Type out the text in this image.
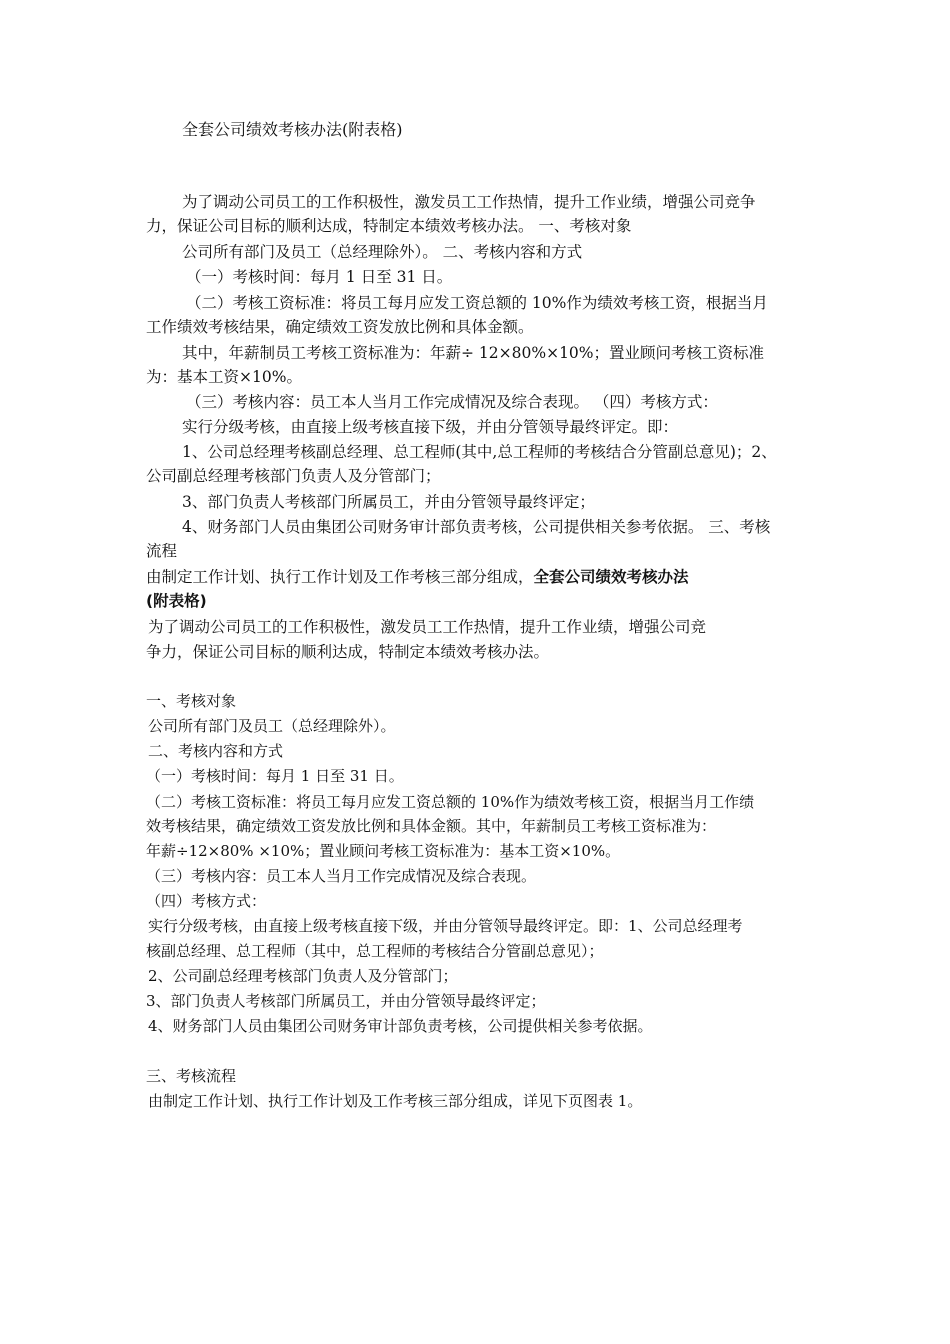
全套公司绩效考核办法(附表格)
为了调动公司员工的工作积极性，激发员工工作热情，提升工作业绩，增强公司竞争
力，保证公司目标的顺利达成，特制定本绩效考核办法。 一、考核对象
公司所有部门及员工（总经理除外）。 二、考核内容和方式
（一）考核时间：每月 1 日至 31 日。
（二）考核工资标准：将员工每月应发工资总额的 10%作为绩效考核工资，根据当月
工作绩效考核结果，确定绩效工资发放比例和具体金额。
其中，年薪制员工考核工资标准为：年薪÷ 12×80%×10%；置业顾问考核工资标准
为：基本工资×10%。
（三）考核内容：员工本人当月工作完成情况及综合表现。 （四）考核方式：
实行分级考核，由直接上级考核直接下级，并由分管领导最终评定。即：
1、公司总经理考核副总经理、总工程师(其中,总工程师的考核结合分管副总意见)；2、
公司副总经理考核部门负责人及分管部门；
3、部门负责人考核部门所属员工，并由分管领导最终评定；
4、财务部门人员由集团公司财务审计部负责考核，公司提供相关参考依据。 三、考核
流程
由制定工作计划、执行工作计划及工作考核三部分组成，全套公司绩效考核办法
(附表格)
为了调动公司员工的工作积极性，激发员工工作热情，提升工作业绩，增强公司竞
争力，保证公司目标的顺利达成，特制定本绩效考核办法。
一、考核对象
公司所有部门及员工（总经理除外）。
二、考核内容和方式
（一）考核时间：每月 1 日至 31 日。
（二）考核工资标准：将员工每月应发工资总额的 10%作为绩效考核工资，根据当月工作绩
效考核结果，确定绩效工资发放比例和具体金额。其中，年薪制员工考核工资标准为：
年薪÷12×80% ×10%；置业顾问考核工资标准为：基本工资×10%。
（三）考核内容：员工本人当月工作完成情况及综合表现。
（四）考核方式：
实行分级考核，由直接上级考核直接下级，并由分管领导最终评定。即：1、公司总经理考
核副总经理、总工程师（其中，总工程师的考核结合分管副总意见）；
2、公司副总经理考核部门负责人及分管部门；
3、部门负责人考核部门所属员工，并由分管领导最终评定；
4、财务部门人员由集团公司财务审计部负责考核，公司提供相关参考依据。
三、考核流程
由制定工作计划、执行工作计划及工作考核三部分组成，详见下页图表 1。
